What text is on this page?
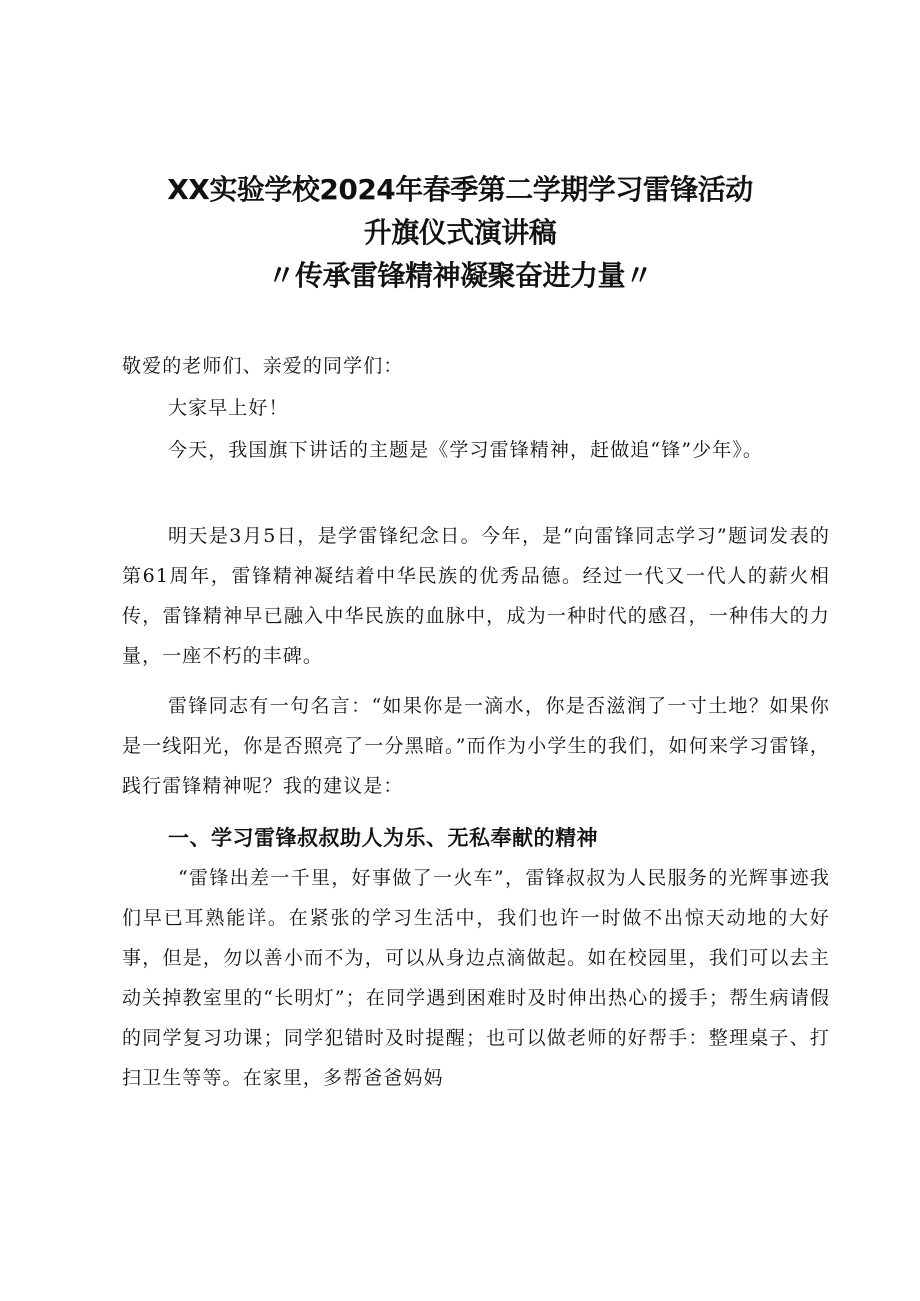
XX实验学校2024年春季第二学期学习雷锋活动
升旗仪式演讲稿
〃传承雷锋精神凝聚奋进力量〃
敬爱的老师们、亲爱的同学们：
大家早上好！
今天，我国旗下讲话的主题是《学习雷锋精神，赶做追“锋”少年》。
明天是3月5日，是学雷锋纪念日。今年，是“向雷锋同志学习”题词发表的第61周年，雷锋精神凝结着中华民族的优秀品德。经过一代又一代人的薪火相传，雷锋精神早已融入中华民族的血脉中，成为一种时代的感召，一种伟大的力量，一座不朽的丰碑。
雷锋同志有一句名言：“如果你是一滴水，你是否滋润了一寸土地？如果你是一线阳光，你是否照亮了一分黑暗。”而作为小学生的我们，如何来学习雷锋，践行雷锋精神呢？我的建议是：
一、学习雷锋叔叔助人为乐、无私奉献的精神
“雷锋出差一千里，好事做了一火车”，雷锋叔叔为人民服务的光辉事迹我们早已耳熟能详。在紧张的学习生活中，我们也许一时做不出惊天动地的大好事，但是，勿以善小而不为，可以从身边点滴做起。如在校园里，我们可以去主动关掉教室里的“长明灯”；在同学遇到困难时及时伸出热心的援手；帮生病请假的同学复习功课；同学犯错时及时提醒；也可以做老师的好帮手：整理桌子、打扫卫生等等。在家里，多帮爸爸妈妈
